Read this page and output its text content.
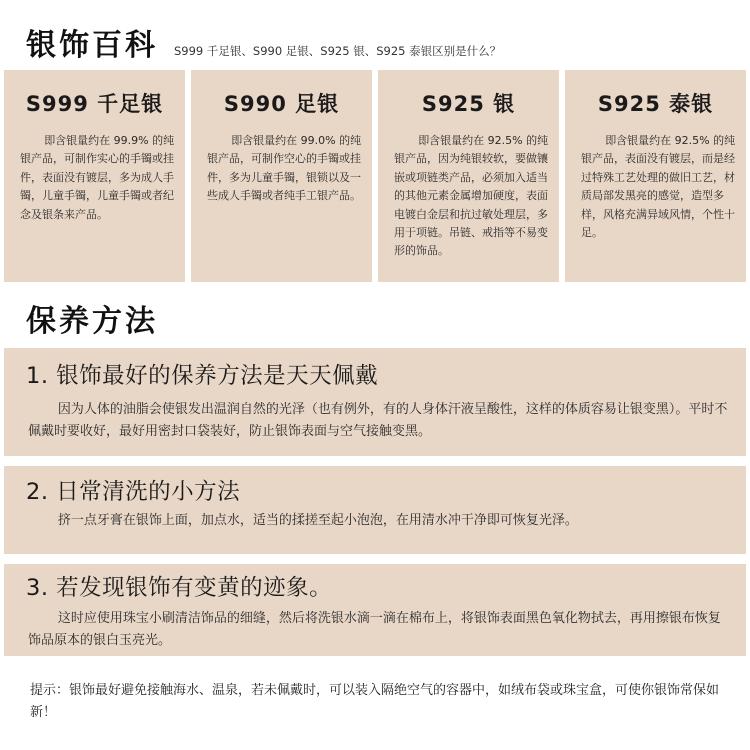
银饰百科 S999 千足银、S990 足银、S925 银、S925 泰银区别是什么？
S999 千足银
即含银量约在 99.9% 的纯银产品，可制作实心的手镯或挂件，表面没有镀层，多为成人手镯，儿童手镯，儿童手镯或者纪念及银条来产品。
S990 足银
即含银量约在 99.0% 的纯银产品，可制作空心的手镯或挂件，多为儿童手镯，银锁以及一些成人手镯或者纯手工银产品。
S925 银
即含银量约在 92.5% 的纯银产品，因为纯银较软，要做镶嵌或项链类产品，必须加入适当的其他元素金属增加硬度，表面电镀白金层和抗过敏处理层，多用于项链。吊链、戒指等不易变形的饰品。
S925 泰银
即含银量约在 92.5% 的纯银产品，表面没有镀层，而是经过特殊工艺处理的做旧工艺，材质局部发黑亮的感觉，造型多样，风格充满异域风情，个性十足。
保养方法
1. 银饰最好的保养方法是天天佩戴
因为人体的油脂会使银发出温润自然的光泽（也有例外，有的人身体汗液呈酸性，这样的体质容易让银变黑）。平时不佩戴时要收好，最好用密封口袋装好，防止银饰表面与空气接触变黑。
2. 日常清洗的小方法
挤一点牙膏在银饰上面，加点水，适当的揉搓至起小泡泡，在用清水冲干净即可恢复光泽。
3. 若发现银饰有变黄的迹象。
这时应使用珠宝小刷清洁饰品的细缝，然后将洗银水滴一滴在棉布上，将银饰表面黑色氧化物拭去，再用擦银布恢复饰品原本的银白玉亮光。
提示：银饰最好避免接触海水、温泉，若未佩戴时，可以装入隔绝空气的容器中，如绒布袋或珠宝盒，可使你银饰常保如新！
